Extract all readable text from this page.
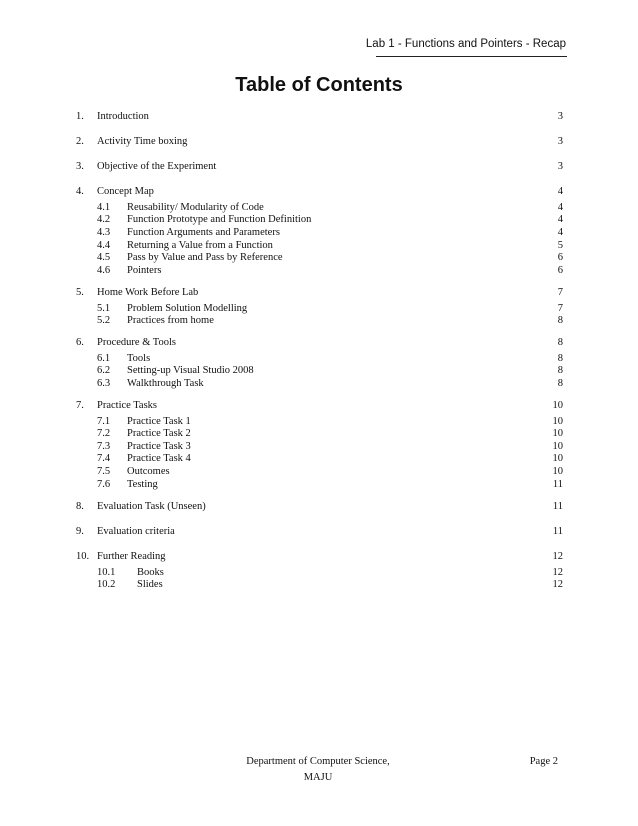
Lab 1 - Functions and Pointers - Recap
Table of Contents
1. Introduction	3
2. Activity Time boxing	3
3. Objective of the Experiment	3
4. Concept Map	4
4.1 Reusability/ Modularity of Code	4
4.2 Function Prototype and Function Definition	4
4.3 Function Arguments and Parameters	4
4.4 Returning a Value from a Function	5
4.5 Pass by Value and Pass by Reference	6
4.6 Pointers	6
5. Home Work Before Lab	7
5.1 Problem Solution Modelling	7
5.2 Practices from home	8
6. Procedure & Tools	8
6.1 Tools	8
6.2 Setting-up Visual Studio 2008	8
6.3 Walkthrough Task	8
7. Practice Tasks	10
7.1 Practice Task 1	10
7.2 Practice Task 2	10
7.3 Practice Task 3	10
7.4 Practice Task 4	10
7.5 Outcomes	10
7.6 Testing	11
8. Evaluation Task (Unseen)	11
9. Evaluation criteria	11
10. Further Reading	12
10.1 Books	12
10.2 Slides	12
Department of Computer Science,
MAJU
Page 2
